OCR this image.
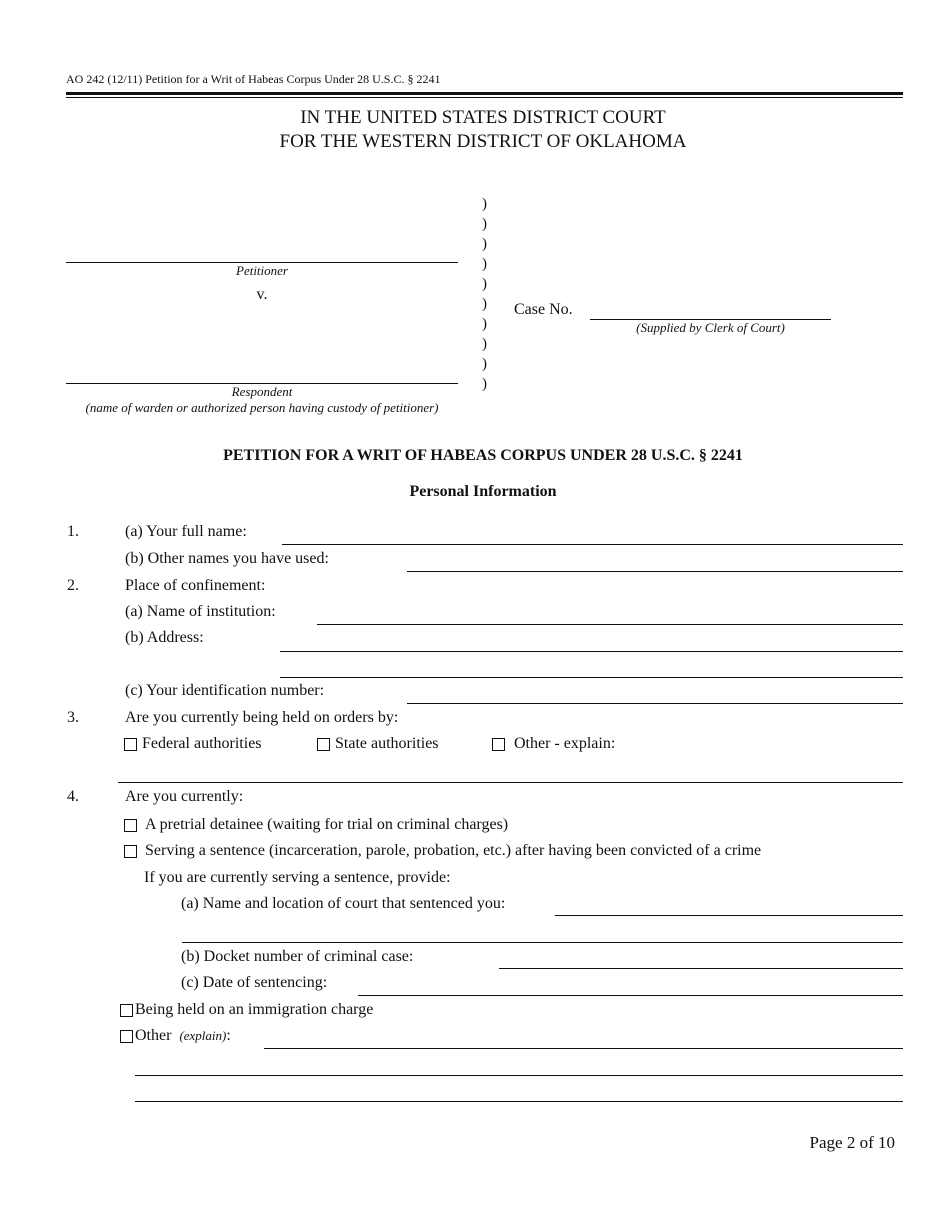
AO 242 (12/11) Petition for a Writ of Habeas Corpus Under 28 U.S.C. § 2241
IN THE UNITED STATES DISTRICT COURT
FOR THE WESTERN DISTRICT OF OKLAHOMA
Petitioner
v.
Respondent
(name of warden or authorized person having custody of petitioner)
)
)
)
)
)
)
)
)
)
)
Case No.
(Supplied by Clerk of Court)
PETITION FOR A WRIT OF HABEAS CORPUS UNDER 28 U.S.C. § 2241
Personal Information
1.	(a) Your full name:
(b) Other names you have used:
2.	Place of confinement:
(a) Name of institution:
(b) Address:
(c) Your identification number:
3.	Are you currently being held on orders by:
Federal authorities	State authorities	Other - explain:
4.	Are you currently:
A pretrial detainee (waiting for trial on criminal charges)
Serving a sentence (incarceration, parole, probation, etc.) after having been convicted of a crime
If you are currently serving a sentence, provide:
(a) Name and location of court that sentenced you:
(b) Docket number of criminal case:
(c) Date of sentencing:
Being held on an immigration charge
Other
(explain) :
Page 2 of 10
